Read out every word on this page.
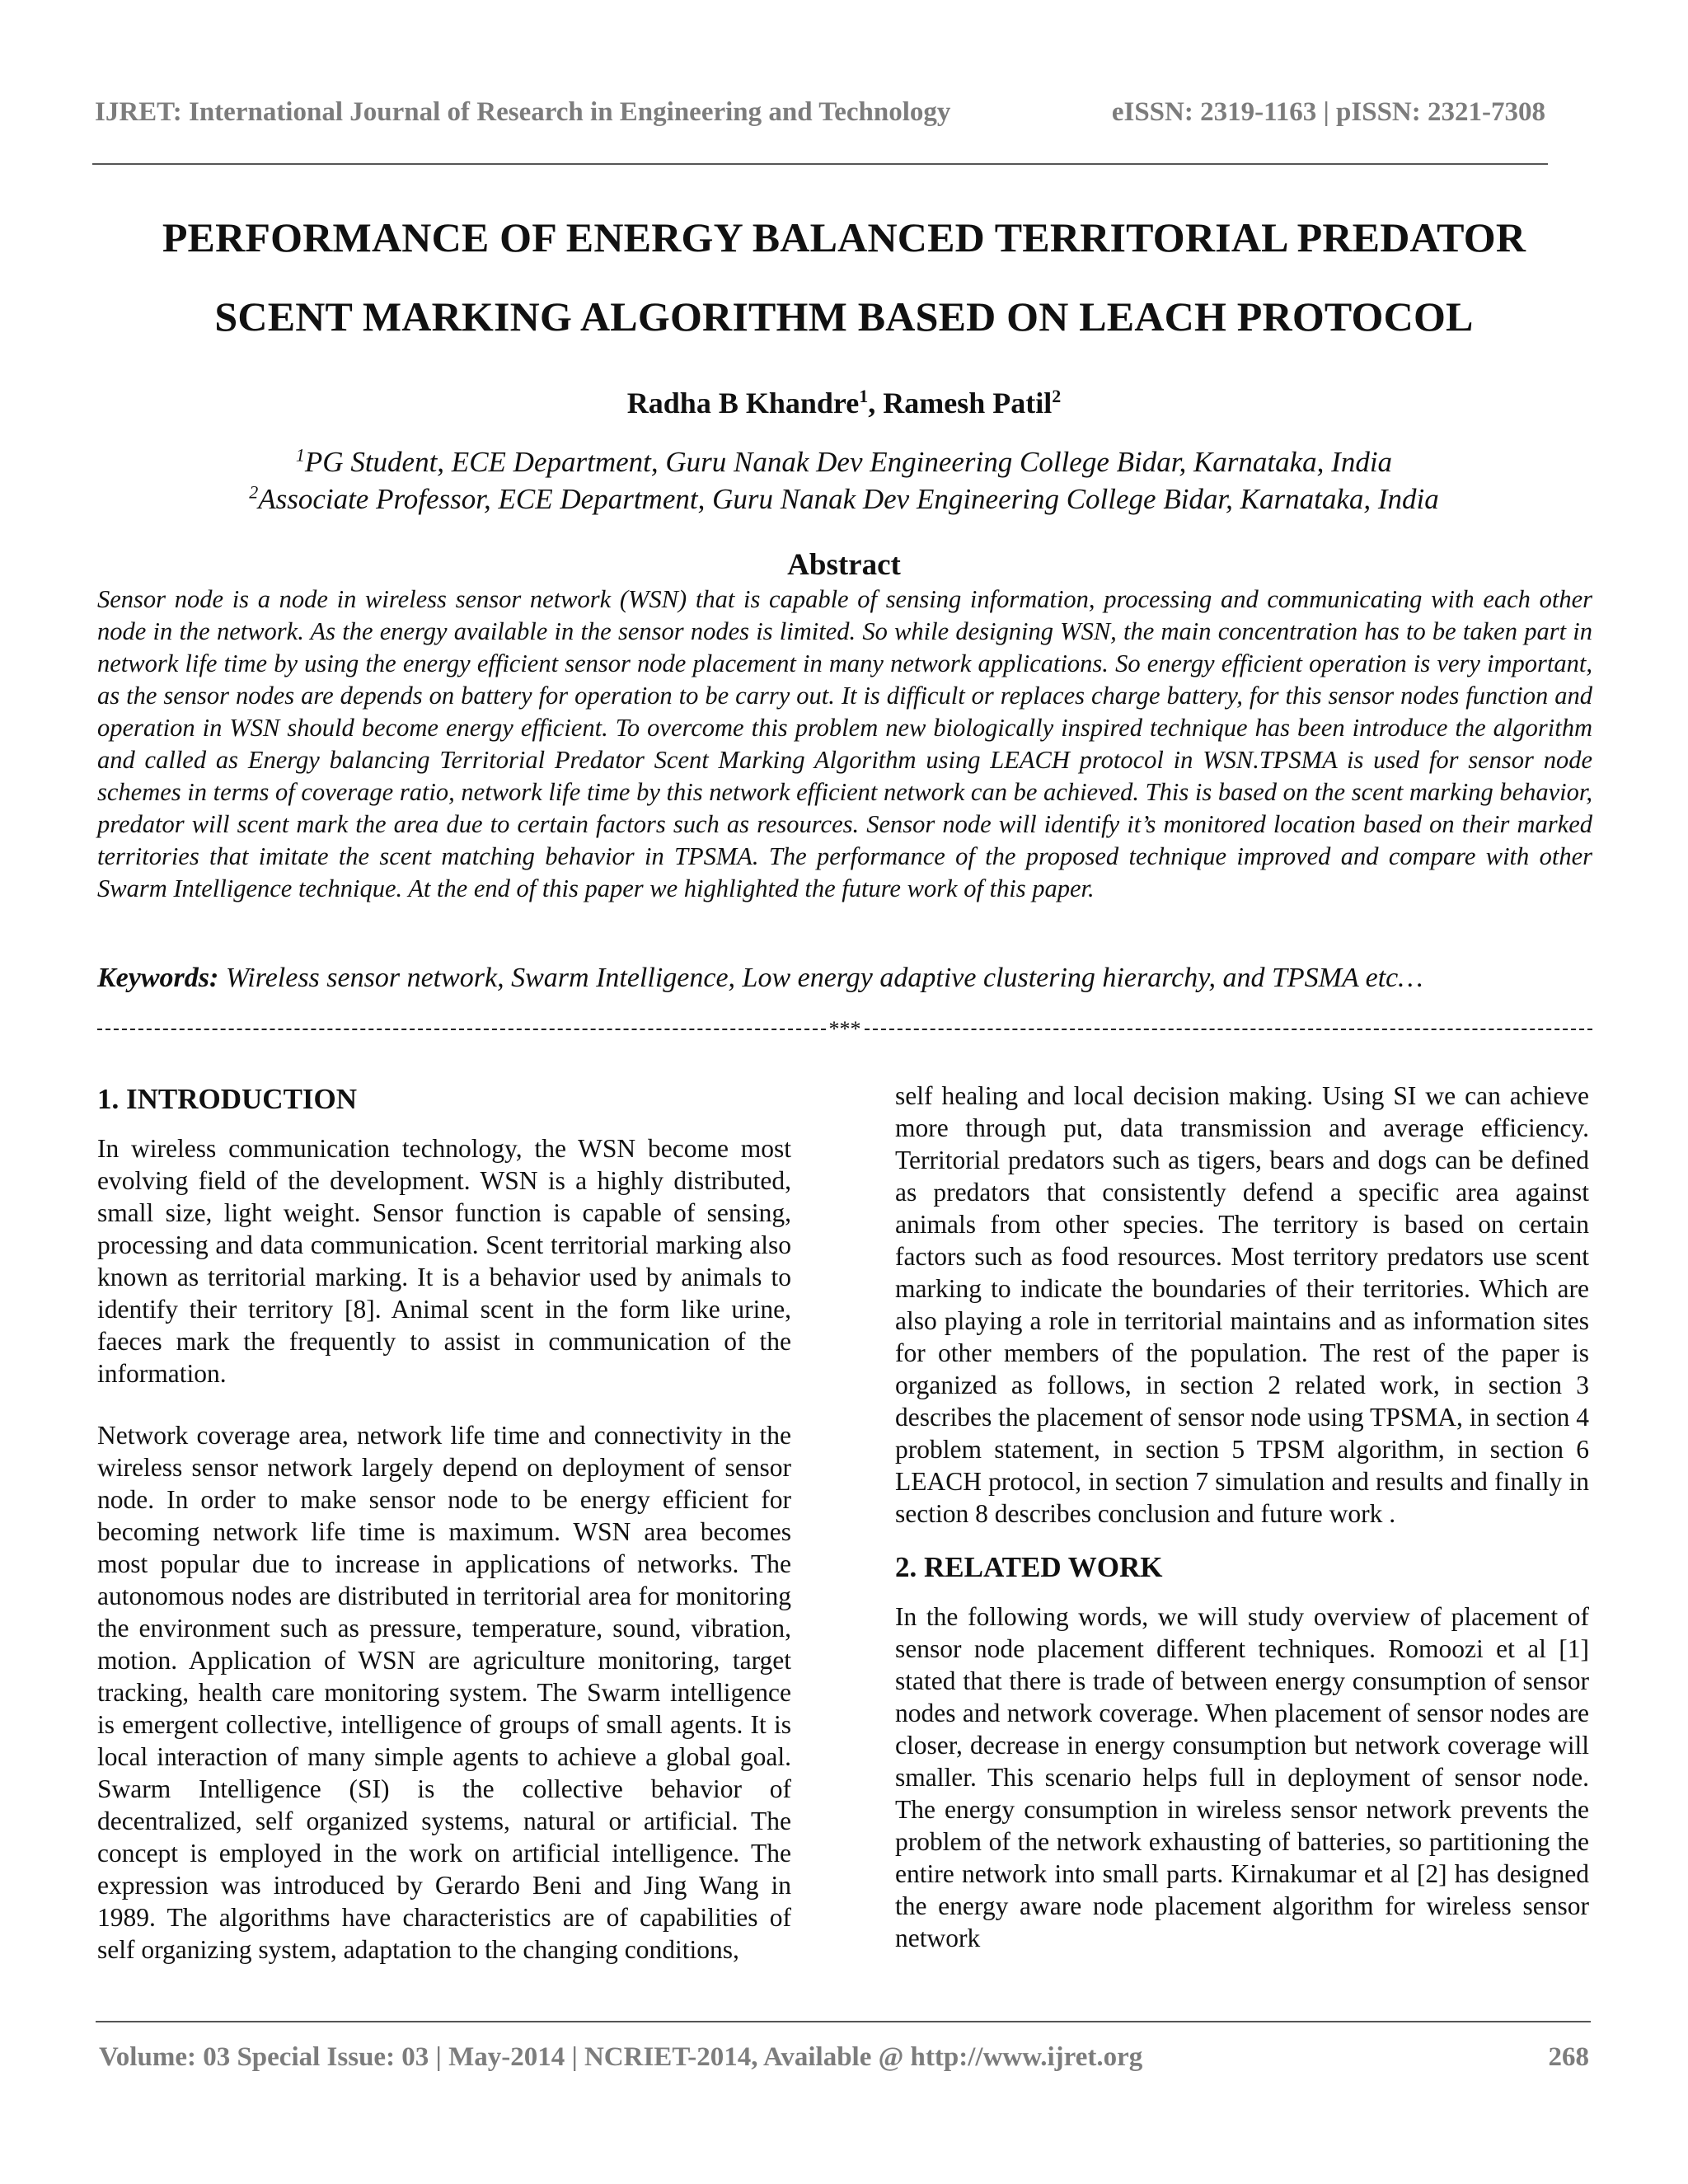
IJRET: International Journal of Research in Engineering and Technology	eISSN: 2319-1163 | pISSN: 2321-7308
PERFORMANCE OF ENERGY BALANCED TERRITORIAL PREDATOR
SCENT MARKING ALGORITHM BASED ON LEACH PROTOCOL
Radha B Khandre$^1$, Ramesh Patil$^2$
$^1$PG Student, ECE Department, Guru Nanak Dev Engineering College Bidar, Karnataka, India
$^2$Associate Professor, ECE Department, Guru Nanak Dev Engineering College Bidar, Karnataka, India
Abstract
Sensor node is a node in wireless sensor network (WSN) that is capable of sensing information, processing and communicating with each other node in the network. As the energy available in the sensor nodes is limited. So while designing WSN, the main concentration has to be taken part in network life time by using the energy efficient sensor node placement in many network applications. So energy efficient operation is very important, as the sensor nodes are depends on battery for operation to be carry out. It is difficult or replaces charge battery, for this sensor nodes function and operation in WSN should become energy efficient. To overcome this problem new biologically inspired technique has been introduce the algorithm and called as Energy balancing Territorial Predator Scent Marking Algorithm using LEACH protocol in WSN.TPSMA is used for sensor node schemes in terms of coverage ratio, network life time by this network efficient network can be achieved. This is based on the scent marking behavior, predator will scent mark the area due to certain factors such as resources. Sensor node will identify it’s monitored location based on their marked territories that imitate the scent matching behavior in TPSMA. The performance of the proposed technique improved and compare with other Swarm Intelligence technique. At the end of this paper we highlighted the future work of this paper.
Keywords: Wireless sensor network, Swarm Intelligence, Low energy adaptive clustering hierarchy, and TPSMA etc…
***
1. INTRODUCTION

In wireless communication technology, the WSN become most evolving field of the development. WSN is a highly distributed, small size, light weight. Sensor function is capable of sensing, processing and data communication. Scent territorial marking also known as territorial marking. It is a behavior used by animals to identify their territory [8]. Animal scent in the form like urine, faeces mark the frequently to assist in communication of the information.

Network coverage area, network life time and connectivity in the wireless sensor network largely depend on deployment of sensor node. In order to make sensor node to be energy efficient for becoming network life time is maximum. WSN area becomes most popular due to increase in applications of networks. The autonomous nodes are distributed in territorial area for monitoring the environment such as pressure, temperature, sound, vibration, motion. Application of WSN are agriculture monitoring, target tracking, health care monitoring system. The Swarm intelligence is emergent collective, intelligence of groups of small agents. It is local interaction of many simple agents to achieve a global goal. Swarm Intelligence (SI) is the collective behavior of decentralized, self organized systems, natural or artificial. The concept is employed in the work on artificial intelligence. The expression was introduced by Gerardo Beni and Jing Wang in 1989. The algorithms have characteristics are of capabilities of self organizing system, adaptation to the changing conditions,

self healing and local decision making. Using SI we can achieve more through put, data transmission and average efficiency. Territorial predators such as tigers, bears and dogs can be defined as predators that consistently defend a specific area against animals from other species. The territory is based on certain factors such as food resources. Most territory predators use scent marking to indicate the boundaries of their territories. Which are also playing a role in territorial maintains and as information sites for other members of the population. The rest of the paper is organized as follows, in section 2 related work, in section 3 describes the placement of sensor node using TPSMA, in section 4 problem statement, in section 5 TPSM algorithm, in section 6 LEACH protocol, in section 7 simulation and results and finally in section 8 describes conclusion and future work .

2. RELATED WORK

In the following words, we will study overview of placement of sensor node placement different techniques. Romoozi et al [1] stated that there is trade of between energy consumption of sensor nodes and network coverage. When placement of sensor nodes are closer, decrease in energy consumption but network coverage will smaller. This scenario helps full in deployment of sensor node. The energy consumption in wireless sensor network prevents the problem of the network exhausting of batteries, so partitioning the entire network into small parts. Kirnakumar et al [2] has designed the energy aware node placement algorithm for wireless sensor network

Volume: 03 Special Issue: 03 | May-2014 | NCRIET-2014, Available @ http://www.ijret.org	268
